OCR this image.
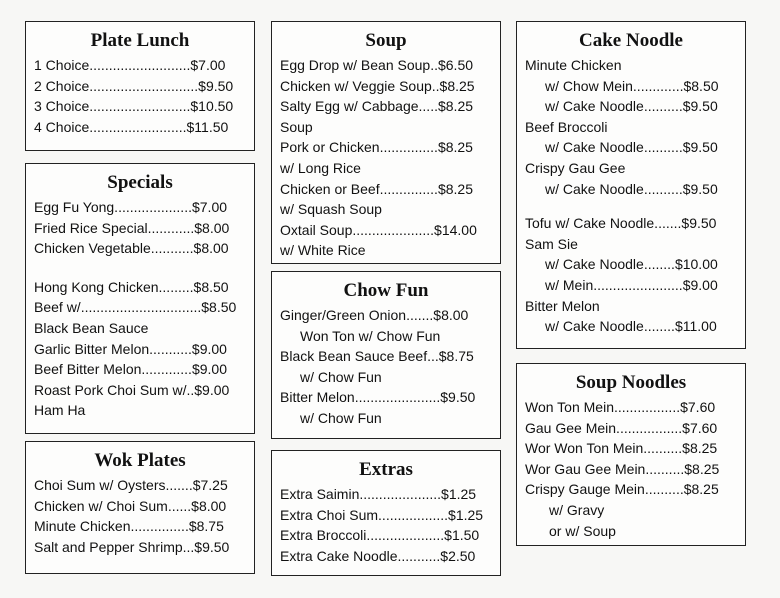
Plate Lunch
1 Choice..........................$7.00
2 Choice............................$9.50
3 Choice..........................$10.50
4 Choice.........................$11.50
Specials
Egg Fu Yong....................$7.00
Fried Rice Special............$8.00
Chicken Vegetable...........$8.00
Hong Kong Chicken.........$8.50
Beef w/...............................$8.50
Black Bean Sauce
Garlic Bitter Melon...........$9.00
Beef Bitter Melon.............$9.00
Roast Pork Choi Sum w/..$9.00
Ham Ha
Wok Plates
Choi Sum w/ Oysters.......$7.25
Chicken w/ Choi Sum......$8.00
Minute Chicken...............$8.75
Salt and Pepper Shrimp...$9.50
Soup
Egg Drop w/ Bean Soup..$6.50
Chicken w/ Veggie Soup..$8.25
Salty Egg w/ Cabbage.....$8.25
Soup
Pork or Chicken...............$8.25
w/ Long Rice
Chicken or Beef...............$8.25
w/ Squash Soup
Oxtail Soup.....................$14.00
w/ White Rice
Chow Fun
Ginger/Green Onion.......$8.00
Won Ton w/ Chow Fun
Black Bean Sauce Beef...$8.75
w/ Chow Fun
Bitter Melon......................$9.50
w/ Chow Fun
Extras
Extra Saimin.....................$1.25
Extra Choi Sum..................$1.25
Extra Broccoli....................$1.50
Extra Cake Noodle...........$2.50
Cake Noodle
Minute Chicken
w/ Chow Mein.............$8.50
w/ Cake Noodle..........$9.50
Beef Broccoli
w/ Cake Noodle..........$9.50
Crispy Gau Gee
w/ Cake Noodle..........$9.50
Tofu w/ Cake Noodle.......$9.50
Sam Sie
w/ Cake Noodle........$10.00
w/ Mein.......................$9.00
Bitter Melon
w/ Cake Noodle........$11.00
Soup Noodles
Won Ton Mein.................$7.60
Gau Gee Mein.................$7.60
Wor Won Ton Mein..........$8.25
Wor Gau Gee Mein..........$8.25
Crispy Gauge Mein..........$8.25
w/ Gravy
or w/ Soup
